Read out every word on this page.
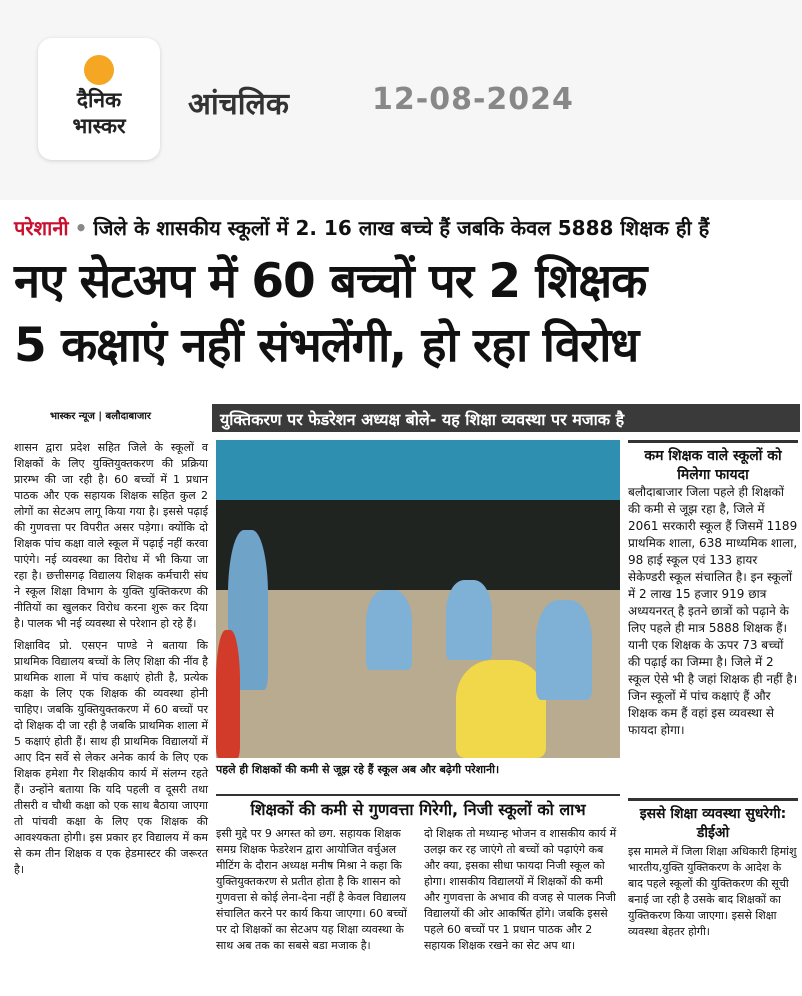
दैनिक
भास्कर
आंचलिक	12-08-2024
परेशानी • जिले के शासकीय स्कूलों में 2. 16 लाख बच्चे हैं जबकि केवल 5888 शिक्षक ही हैं
नए सेटअप में 60 बच्चों पर 2 शिक्षक
5 कक्षाएं नहीं संभलेंगी, हो रहा विरोध
भास्कर न्यूज | बलौदाबाजार	युक्तिकरण पर फेडरेशन अध्यक्ष बोले- यह शिक्षा व्यवस्था पर मजाक है

शासन द्वारा प्रदेश सहित जिले के स्कूलों व शिक्षकों के लिए युक्तियुक्तकरण की प्रक्रिया प्रारम्भ की जा रही है। 60 बच्चों में 1 प्रधान पाठक और एक सहायक शिक्षक सहित कुल 2 लोगों का सेटअप लागू किया गया है। इससे पढ़ाई की गुणवत्ता पर विपरीत असर पड़ेगा। क्योंकि दो शिक्षक पांच कक्षा वाले स्कूल में पढ़ाई नहीं करवा पाएंगे। नई व्यवस्था का विरोध में भी किया जा रहा है। छत्तीसगढ़ विद्यालय शिक्षक कर्मचारी संघ ने स्कूल शिक्षा विभाग के युक्ति युक्तिकरण की नीतियों का खुलकर विरोध करना शुरू कर दिया है। पालक भी नई व्यवस्था से परेशान हो रहे हैं।

शिक्षाविद प्रो. एसएन पाण्डे ने बताया कि प्राथमिक विद्यालय बच्चों के लिए शिक्षा की नींव है प्राथमिक शाला में पांच कक्षाएं होती है, प्रत्येक कक्षा के लिए एक शिक्षक की व्यवस्था होनी चाहिए। जबकि युक्तियुक्तकरण में 60 बच्चों पर दो शिक्षक दी जा रही है जबकि प्राथमिक शाला में 5 कक्षाएं होती हैं। साथ ही प्राथमिक विद्यालयों में आए दिन सर्वे से लेकर अनेक कार्य के लिए एक शिक्षक हमेशा गैर शिक्षकीय कार्य में संलग्न रहते हैं। उन्होंने बताया कि यदि पहली व दूसरी तथा तीसरी व चौथी कक्षा को एक साथ बैठाया जाएगा तो पांचवी कक्षा के लिए एक शिक्षक की आवश्यकता होगी। इस प्रकार हर विद्यालय में कम से कम तीन शिक्षक व एक हेडमास्टर की जरूरत है।

पहले ही शिक्षकों की कमी से जूझ रहे हैं स्कूल अब और बढ़ेगी परेशानी।
कम शिक्षक वाले स्कूलों को मिलेगा फायदा
बलौदाबाजार जिला पहले ही शिक्षकों की कमी से जूझ रहा है, जिले में 2061 सरकारी स्कूल हैं जिसमें 1189 प्राथमिक शाला, 638 माध्यमिक शाला, 98 हाई स्कूल एवं 133 हायर सेकेण्डरी स्कूल संचालित है। इन स्कूलों में 2 लाख 15 हजार 919 छात्र अध्ययनरत् है इतने छात्रों को पढ़ाने के लिए पहले ही मात्र 5888 शिक्षक हैं। यानी एक शिक्षक के ऊपर 73 बच्चों की पढ़ाई का जिम्मा है। जिले में 2 स्कूल ऐसे भी है जहां शिक्षक ही नहीं है। जिन स्कूलों में पांच कक्षाएं हैं और शिक्षक कम हैं वहां इस व्यवस्था से फायदा होगा।
शिक्षकों की कमी से गुणवत्ता गिरेगी, निजी स्कूलों को लाभ
इसी मुद्दे पर 9 अगस्त को छग. सहायक शिक्षक समग्र शिक्षक फेडरेशन द्वारा आयोजित वर्चुअल मीटिंग के दौरान अध्यक्ष मनीष मिश्रा ने कहा कि युक्तियुक्तकरण से प्रतीत होता है कि शासन को गुणवत्ता से कोई लेना-देना नहीं है केवल विद्यालय संचालित करने पर कार्य किया जाएगा। 60 बच्चों पर दो शिक्षकों का सेटअप यह शिक्षा व्यवस्था के साथ अब तक का सबसे बडा मजाक है।
दो शिक्षक तो मध्यान्ह भोजन व शासकीय कार्य में उलझ कर रह जाएंगे तो बच्चों को पढ़ाएंगे कब और क्या, इसका सीधा फायदा निजी स्कूल को होगा। शासकीय विद्यालयों में शिक्षकों की कमी और गुणवत्ता के अभाव की वजह से पालक निजी विद्यालयों की ओर आकर्षित होंगे। जबकि इससे पहले 60 बच्चों पर 1 प्रधान पाठक और 2 सहायक शिक्षक रखने का सेट अप था।
इससे शिक्षा व्यवस्था सुधरेगी: डीईओ
इस मामले में जिला शिक्षा अधिकारी हिमांशु भारतीय,युक्ति युक्तिकरण के आदेश के बाद पहले स्कूलों की युक्तिकरण की सूची बनाई जा रही है उसके बाद शिक्षकों का युक्तिकरण किया जाएगा। इससे शिक्षा व्यवस्था बेहतर होगी।
